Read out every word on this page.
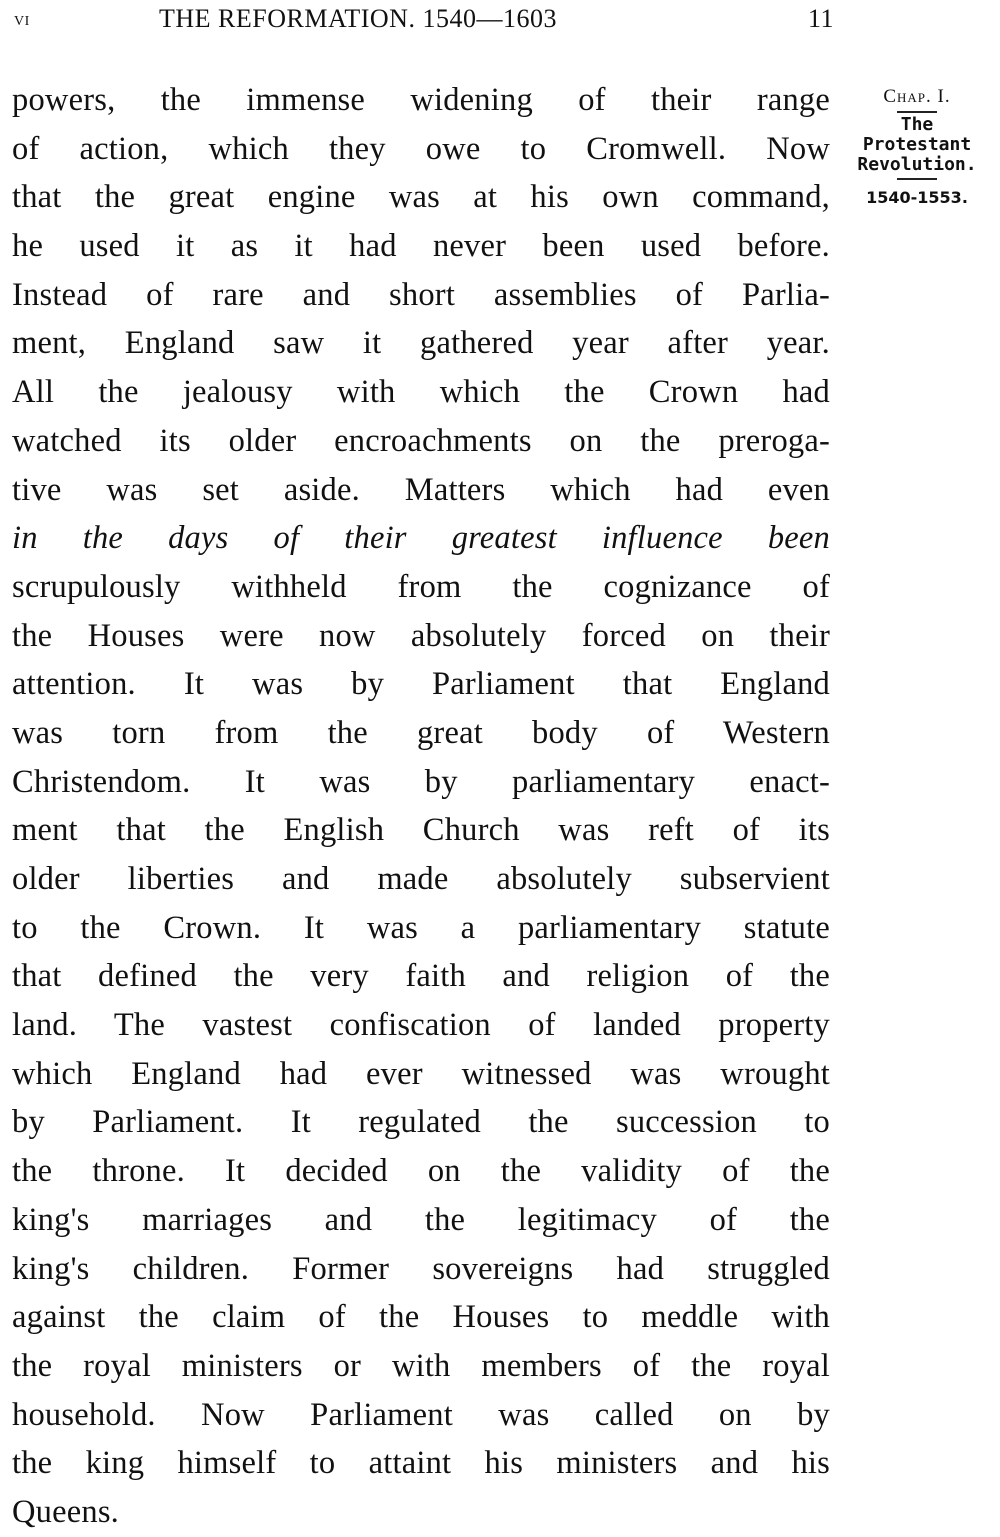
vi	THE REFORMATION. 1540—1603	11
powers, the immense widening of their range
of action, which they owe to Cromwell. Now
that the great engine was at his own command,
he used it as it had never been used before.
Instead of rare and short assemblies of Parlia-
ment, England saw it gathered year after year.
All the jealousy with which the Crown had
watched its older encroachments on the preroga-
tive was set aside. Matters which had even
in the days of their greatest influence been
scrupulously withheld from the cognizance of
the Houses were now absolutely forced on their
attention. It was by Parliament that England
was torn from the great body of Western
Christendom. It was by parliamentary enact-
ment that the English Church was reft of its
older liberties and made absolutely subservient
to the Crown. It was a parliamentary statute
that defined the very faith and religion of the
land. The vastest confiscation of landed property
which England had ever witnessed was wrought
by Parliament. It regulated the succession to
the throne. It decided on the validity of the
king's marriages and the legitimacy of the
king's children. Former sovereigns had struggled
against the claim of the Houses to meddle with
the royal ministers or with members of the royal
household. Now Parliament was called on by
the king himself to attaint his ministers and his
Queens.
Chap. I.
The
Protestant
Revolution.
1540-1553.
